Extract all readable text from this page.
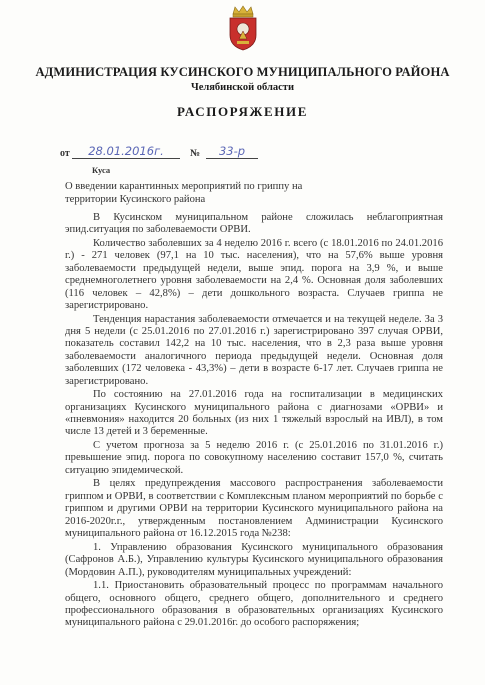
АДМИНИСТРАЦИЯ КУСИНСКОГО МУНИЦИПАЛЬНОГО РАЙОНА
Челябинской области
РАСПОРЯЖЕНИЕ
от	28.01.2016г.	№	33-р
Куса
О введении карантинных мероприятий по гриппу на территории Кусинского района

В Кусинском муниципальном районе сложилась неблагоприятная эпид.ситуация по заболеваемости ОРВИ.

Количество заболевших за 4 неделю 2016 г. всего (с 18.01.2016 по 24.01.2016 г.) - 271 человек (97,1 на 10 тыс. населения), что на 57,6% выше уровня заболеваемости предыдущей недели, выше эпид. порога на 3,9 %, и выше среднемноголетнего уровня заболеваемости на 2,4 %. Основная доля заболевших (116 человек – 42,8%) – дети дошкольного возраста. Случаев гриппа не зарегистрировано.

Тенденция нарастания заболеваемости отмечается и на текущей неделе. За 3 дня 5 недели (с 25.01.2016 по 27.01.2016 г.) зарегистрировано 397 случая ОРВИ, показатель составил 142,2 на 10 тыс. населения, что в 2,3 раза выше уровня заболеваемости аналогичного периода предыдущей недели. Основная доля заболевших (172 человека - 43,3%) – дети в возрасте 6-17 лет. Случаев гриппа не зарегистрировано.

По состоянию на 27.01.2016 года на госпитализации в медицинских организациях Кусинского муниципального района с диагнозами «ОРВИ» и «пневмония» находится 20 больных (из них 1 тяжелый взрослый на ИВЛ), в том числе 13 детей и 3 беременные.

С учетом прогноза за 5 неделю 2016 г. (с 25.01.2016 по 31.01.2016 г.) превышение эпид. порога по совокупному населению составит 157,0 %, считать ситуацию эпидемической.

В целях предупреждения массового распространения заболеваемости гриппом и ОРВИ, в соответствии с Комплексным планом мероприятий по борьбе с гриппом и другими ОРВИ на территории Кусинского муниципального района на 2016-2020г.г., утвержденным постановлением Администрации Кусинского муниципального района от 16.12.2015 года №238:

1. Управлению образования Кусинского муниципального образования (Сафронов А.Б.), Управлению культуры Кусинского муниципального образования (Мордовин А.П.), руководителям муниципальных учреждений:

1.1. Приостановить образовательный процесс по программам начального общего, основного общего, среднего общего, дополнительного и среднего профессионального образования в образовательных организациях Кусинского муниципального района с 29.01.2016г. до особого распоряжения;
